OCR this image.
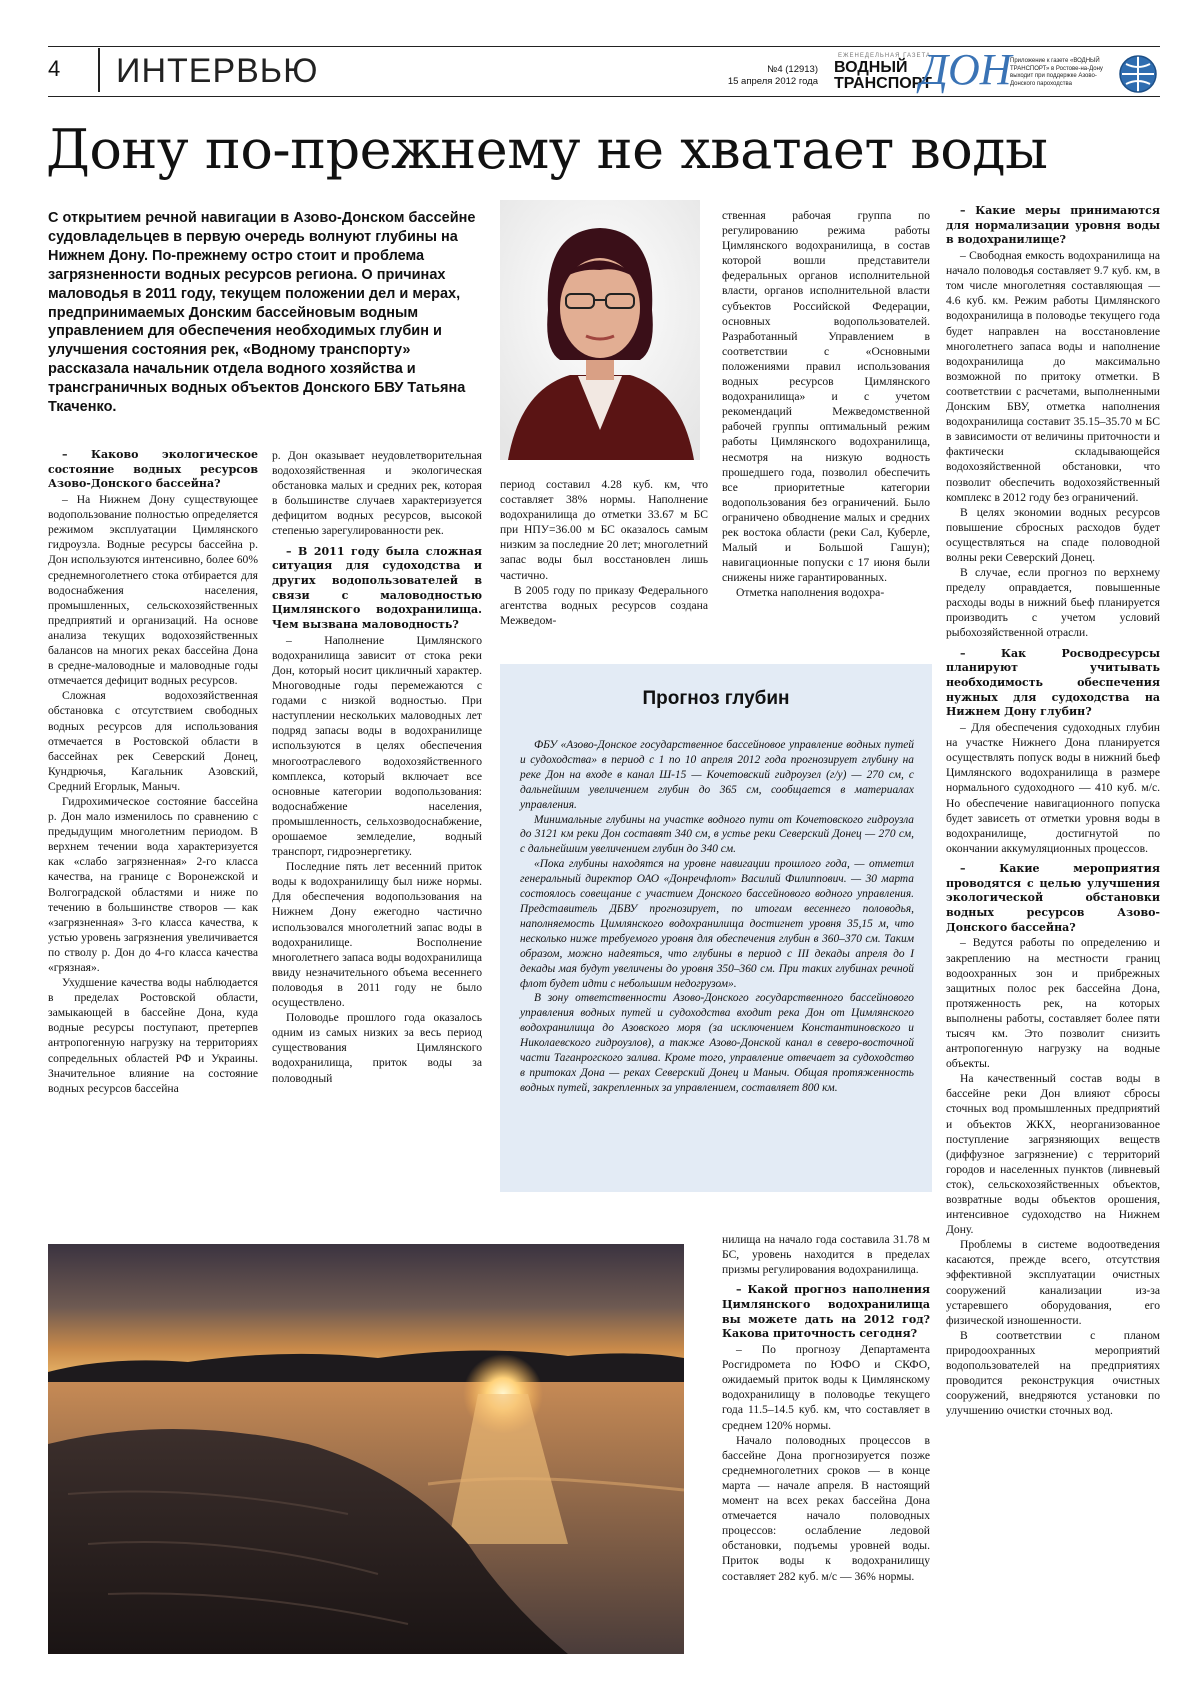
4 ИНТЕРВЬЮ	№4 (12913)
15 апреля 2012 года
ЕЖЕНЕДЕЛЬНАЯ ГАЗЕТА
ВОДНЫЙ
ТРАНСПОРТ
ДОН
Приложение к газете «ВОДНЫЙ ТРАНСПОРТ» в Ростове-на-Дону выходит при поддержке Азово-Донского пароходства
Дону по-прежнему не хватает воды

С открытием речной навигации в Азово-Донском бассейне судовладельцев в первую очередь волнуют глубины на Нижнем Дону. По-прежнему остро стоит и проблема загрязненности водных ресурсов региона. О причинах маловодья в 2011 году, текущем положении дел и мерах, предпринимаемых Донским бассейновым водным управлением для обеспечения необходимых глубин и улучшения состояния рек, «Водному транспорту» рассказала начальник отдела водного хозяйства и трансграничных водных объектов Донского БВУ Татьяна Ткаченко.

– Каково экологическое состояние водных ресурсов Азово-Донского бассейна?

– На Нижнем Дону существующее водопользование полностью определяется режимом эксплуатации Цимлянского гидроузла. Водные ресурсы бассейна р. Дон используются интенсивно, более 60% среднемноголетнего стока отбирается для водоснабжения населения, промышленных, сельскохозяйственных предприятий и организаций. На основе анализа текущих водохозяйственных балансов на многих реках бассейна Дона в средне-маловодные и маловодные годы отмечается дефицит водных ресурсов.

Сложная водохозяйственная обстановка с отсутствием свободных водных ресурсов для использования отмечается в Ростовской области в бассейнах рек Северский Донец, Кундрючья, Кагальник Азовский, Средний Егорлык, Маныч.

Гидрохимическое состояние бассейна р. Дон мало изменилось по сравнению с предыдущим многолетним периодом. В верхнем течении вода характеризуется как «слабо загрязненная» 2-го класса качества, на границе с Воронежской и Волгоградской областями и ниже по течению в большинстве створов — как «загрязненная» 3-го класса качества, к устью уровень загрязнения увеличивается по стволу р. Дон до 4-го класса качества «грязная».

Ухудшение качества воды наблюдается в пределах Ростовской области, замыкающей в бассейне Дона, куда водные ресурсы поступают, претерпев антропогенную нагрузку на территориях сопредельных областей РФ и Украины. Значительное влияние на состояние водных ресурсов бассейна

р. Дон оказывает неудовлетворительная водохозяйственная и экологическая обстановка малых и средних рек, которая в большинстве случаев характеризуется дефицитом водных ресурсов, высокой степенью зарегулированности рек.

– В 2011 году была сложная ситуация для судоходства и других водопользователей в связи с маловодностью Цимлянского водохранилища. Чем вызвана маловодность?

– Наполнение Цимлянского водохранилища зависит от стока реки Дон, который носит цикличный характер. Многоводные годы перемежаются с годами с низкой водностью. При наступлении нескольких маловодных лет подряд запасы воды в водохранилище используются в целях обеспечения многоотраслевого водохозяйственного комплекса, который включает все основные категории водопользования: водоснабжение населения, промышленность, сельхозводоснабжение, орошаемое земледелие, водный транспорт, гидроэнергетику.

Последние пять лет весенний приток воды к водохранилищу был ниже нормы. Для обеспечения водопользования на Нижнем Дону ежегодно частично использовался многолетний запас воды в водохранилище. Восполнение многолетнего запаса воды водохранилища ввиду незначительного объема весеннего половодья в 2011 году не было осуществлено.

Половодье прошлого года оказалось одним из самых низких за весь период существования Цимлянского водохранилища, приток воды за половодный

период составил 4.28 куб. км, что составляет 38% нормы. Наполнение водохранилища до отметки 33.67 м БС при НПУ=36.00 м БС оказалось самым низким за последние 20 лет; многолетний запас воды был восстановлен лишь частично.

В 2005 году по приказу Федерального агентства водных ресурсов создана Межведом-

ственная рабочая группа по регулированию режима работы Цимлянского водохранилища, в состав которой вошли представители федеральных органов исполнительной власти, органов исполнительной власти субъектов Российской Федерации, основных водопользователей. Разработанный Управлением в соответствии с «Основными положениями правил использования водных ресурсов Цимлянского водохранилища» и с учетом рекомендаций Межведомственной рабочей группы оптимальный режим работы Цимлянского водохранилища, несмотря на низкую водность прошедшего года, позволил обеспечить все приоритетные категории водопользования без ограничений. Было ограничено обводнение малых и средних рек востока области (реки Сал, Куберле, Малый и Большой Гашун); навигационные попуски с 17 июня были снижены ниже гарантированных.

Отметка наполнения водохра-

Прогноз глубин

ФБУ «Азово-Донское государственное бассейновое управление водных путей и судоходства» в период с 1 по 10 апреля 2012 года прогнозирует глубину на реке Дон на входе в канал Ш-15 — Кочетовский гидроузел (г/у) — 270 см, с дальнейшим увеличением глубин до 365 см, сообщается в материалах управления.

Минимальные глубины на участке водного пути от Кочетовского гидроузла до 3121 км реки Дон составят 340 см, в устье реки Северский Донец — 270 см, с дальнейшим увеличением глубин до 340 см.

«Пока глубины находятся на уровне навигации прошлого года, — отметил генеральный директор ОАО «Донречфлот» Василий Филиппович. — 30 марта состоялось совещание с участием Донского бассейнового водного управления. Представитель ДБВУ прогнозирует, по итогам весеннего половодья, наполняемость Цимлянского водохранилища достигнет уровня 35,15 м, что несколько ниже требуемого уровня для обеспечения глубин в 360–370 см. Таким образом, можно надеяться, что глубины в период с III декады апреля до I декады мая будут увеличены до уровня 350–360 см. При таких глубинах речной флот будет идти с небольшим недогрузом».

В зону ответственности Азово-Донского государственного бассейнового управления водных путей и судоходства входит река Дон от Цимлянского водохранилища до Азовского моря (за исключением Константиновского и Николаевского гидроузлов), а также Азово-Донской канал в северо-восточной части Таганрогского залива. Кроме того, управление отвечает за судоходство в притоках Дона — реках Северский Донец и Маныч. Общая протяженность водных путей, закрепленных за управлением, составляет 800 км.

нилища на начало года составила 31.78 м БС, уровень находится в пределах призмы регулирования водохранилища.

– Какой прогноз наполнения Цимлянского водохранилища вы можете дать на 2012 год? Какова приточность сегодня?

– По прогнозу Департамента Росгидромета по ЮФО и СКФО, ожидаемый приток воды к Цимлянскому водохранилищу в половодье текущего года 11.5–14.5 куб. км, что составляет в среднем 120% нормы.

Начало половодных процессов в бассейне Дона прогнозируется позже среднемноголетних сроков — в конце марта — начале апреля. В настоящий момент на всех реках бассейна Дона отмечается начало половодных процессов: ослабление ледовой обстановки, подъемы уровней воды. Приток воды к водохранилищу составляет 282 куб. м/с — 36% нормы.

– Какие меры принимаются для нормализации уровня воды в водохранилище?

– Свободная емкость водохранилища на начало половодья составляет 9.7 куб. км, в том числе многолетняя составляющая — 4.6 куб. км. Режим работы Цимлянского водохранилища в половодье текущего года будет направлен на восстановление многолетнего запаса воды и наполнение водохранилища до максимально возможной по притоку отметки. В соответствии с расчетами, выполненными Донским БВУ, отметка наполнения водохранилища составит 35.15–35.70 м БС в зависимости от величины приточности и фактически складывающейся водохозяйственной обстановки, что позволит обеспечить водохозяйственный комплекс в 2012 году без ограничений.

В целях экономии водных ресурсов повышение сбросных расходов будет осуществляться на спаде половодной волны реки Северский Донец.

В случае, если прогноз по верхнему пределу оправдается, повышенные расходы воды в нижний бьеф планируется производить с учетом условий рыбохозяйственной отрасли.

– Как Росводресурсы планируют учитывать необходимость обеспечения нужных для судоходства на Нижнем Дону глубин?

– Для обеспечения судоходных глубин на участке Нижнего Дона планируется осуществлять попуск воды в нижний бьеф Цимлянского водохранилища в размере нормального судоходного — 410 куб. м/с. Но обеспечение навигационного попуска будет зависеть от отметки уровня воды в водохранилище, достигнутой по окончании аккумуляционных процессов.

– Какие мероприятия проводятся с целью улучшения экологической обстановки водных ресурсов Азово-Донского бассейна?

– Ведутся работы по определению и закреплению на местности границ водоохранных зон и прибрежных защитных полос рек бассейна Дона, протяженность рек, на которых выполнены работы, составляет более пяти тысяч км. Это позволит снизить антропогенную нагрузку на водные объекты.

На качественный состав воды в бассейне реки Дон влияют сбросы сточных вод промышленных предприятий и объектов ЖКХ, неорганизованное поступление загрязняющих веществ (диффузное загрязнение) с территорий городов и населенных пунктов (ливневый сток), сельскохозяйственных объектов, возвратные воды объектов орошения, интенсивное судоходство на Нижнем Дону.

Проблемы в системе водоотведения касаются, прежде всего, отсутствия эффективной эксплуатации очистных сооружений канализации из-за устаревшего оборудования, его физической изношенности.

В соответствии с планом природоохранных мероприятий водопользователей на предприятиях проводится реконструкция очистных сооружений, внедряются установки по улучшению очистки сточных вод.
